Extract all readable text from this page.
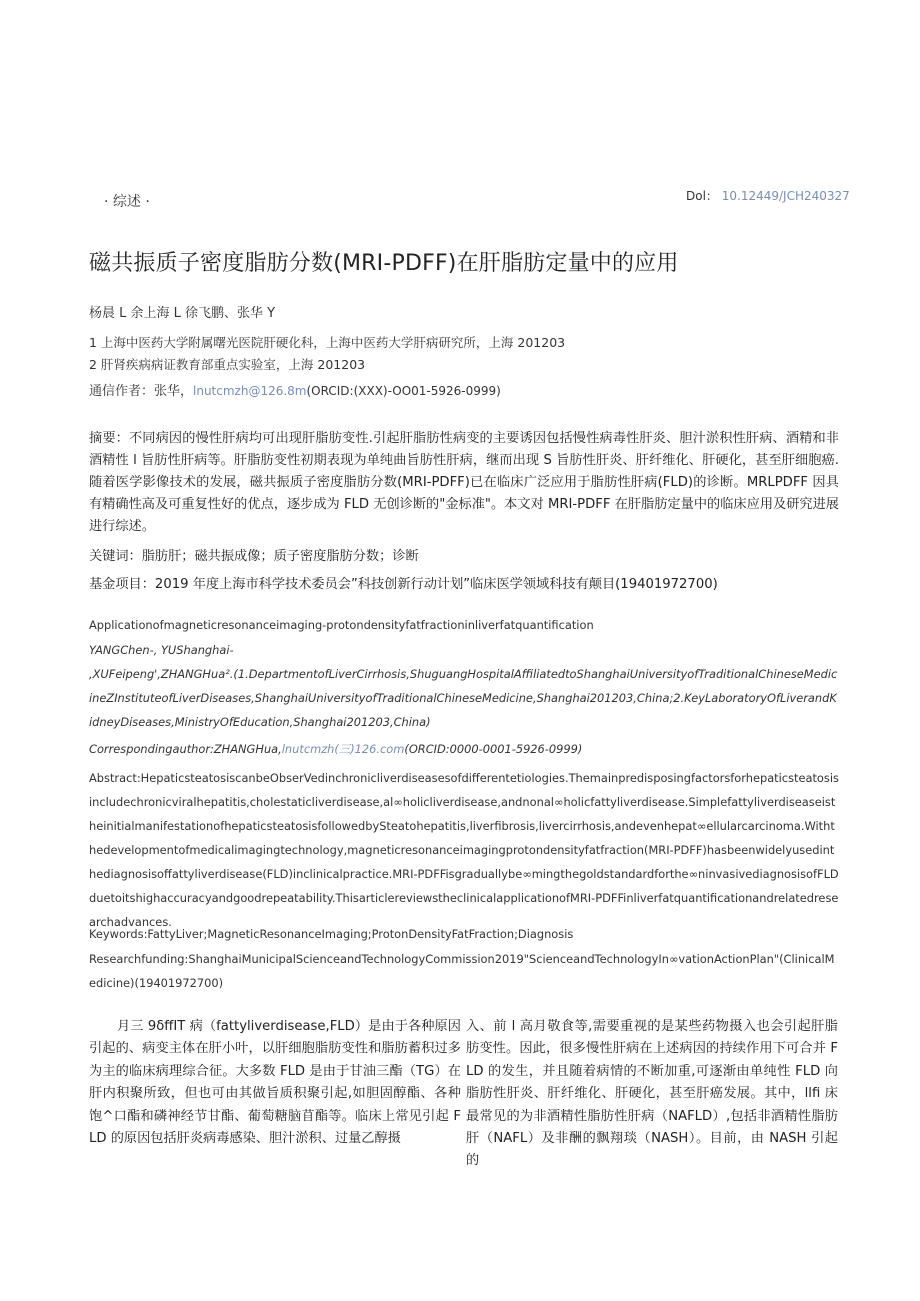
· 综述 ·	Dol： 10.12449/JCH240327
磁共振质子密度脂肪分数(MRI-PDFF)在肝脂肪定量中的应用
杨晨 L 余上海 L 徐飞鹏、张华 Y
1 上海中医药大学附属曙光医院肝硬化科，上海中医药大学肝病研究所，上海 201203
2 肝肾疾病病证教育部重点实验室，上海 201203
通信作者：张华，lnutcmzh@126.8m(ORCID:(XXX)-OO01-5926-0999)
摘要：不同病因的慢性肝病均可出现肝脂肪变性.引起肝脂肪性病变的主要诱因包括慢性病毒性肝炎、胆汁淤积性肝病、酒精和非酒精性 l 旨肪性肝病等。肝脂肪变性初期表现为单纯曲旨肪性肝病，继而出现 S 旨肪性肝炎、肝纤维化、肝硬化，甚至肝细胞癌.随着医学影像技术的发展，磁共振质子密度脂肪分数(MRI-PDFF)已在临床广泛应用于脂肪性肝病(FLD)的诊断。MRLPDFF 因具有精确性高及可重复性好的优点，逐步成为 FLD 无创诊断的"金标准"。本文对 MRI-PDFF 在肝脂肪定量中的临床应用及研究进展进行综述。
关键词：脂肪肝；磁共振成像；质子密度脂肪分数；诊断
基金项目：2019 年度上海市科学技术委员会”科技创新行动计划”临床医学领域科技有颠目(19401972700)
Applicationofmagneticresonanceimaging-protondensityfatfractioninliverfatquantification
YANGChen-, YUShanghai-
,XUFeipeng',ZHANGHua².(1.DepartmentofLiverCirrhosis,ShuguangHospitalAffiliatedtoShanghaiUniversityofTraditionalChineseMedicineZInstituteofLiverDiseases,ShanghaiUniversityofTraditionalChineseMedicine,Shanghai201203,China;2.KeyLaboratoryOfLiverandKidneyDiseases,MinistryOfEducation,Shanghai201203,China)
Correspondingauthor:ZHANGHua,lnutcmzh(三)126.com(ORCID:0000-0001-5926-0999)
Abstract:HepaticsteatosiscanbeObserVedinchronicliverdiseasesofdifferentetiologies.Themainpredisposingfactorsforhepaticsteatosisincludechronicviralhepatitis,cholestaticliverdisease,al∞holicliverdisease,andnonal∞holicfattyliverdisease.SimplefattyliverdiseaseistheinitialmanifestationofhepaticsteatosisfollowedbySteatohepatitis,liverfibrosis,livercirrhosis,andevenhepat∞ellularcarcinoma.Withthedevelopmentofmedicalimagingtechnology,magneticresonanceimagingprotondensityfatfraction(MRI-PDFF)hasbeenwidelyusedinthediagnosisoffattyliverdisease(FLD)inclinicalpractice.MRI-PDFFisgraduallybe∞mingthegoldstandardforthe∞ninvasivediagnosisofFLDduetoitshighaccuracyandgoodrepeatability.ThisarticlereviewstheclinicalapplicationofMRI-PDFFinliverfatquantificationandrelatedresearchadvances.
Keywords:FattyLiver;MagneticResonanceImaging;ProtonDensityFatFraction;Diagnosis
Researchfunding:ShanghaiMunicipalScienceandTechnologyCommission2019"ScienceandTechnologyIn∞vationActionPlan"(ClinicalMedicine)(19401972700)
月三 9δffIT 病（fattyliverdisease,FLD）是由于各种原因引起的、病变主体在肝小叶，以肝细胞脂肪变性和脂肪蓄积过多为主的临床病理综合征。大多数 FLD 是由于甘油三酯（TG）在肝内积聚所致，但也可由其做旨质积聚引起,如胆固醇酯、各种饱^口酯和磷神经节甘酯、葡萄糖脑苜酯等。临床上常见引起 FLD 的原因包括肝炎病毒感染、胆汁淤积、过量乙醇摄
入、前 l 高月敬食等,需要重视的是某些药物摄入也会引起肝脂肪变性。因此，很多慢性肝病在上述病因的持续作用下可合并 FLD 的发生，并且随着病情的不断加重,可逐渐由单纯性 FLD 向脂肪性肝炎、肝纤维化、肝硬化，甚至肝癌发展。其中，llfi 床最常见的为非酒精性脂肪性肝病（NAFLD）,包括非酒精性脂肪肝（NAFL）及非酬的飘翔琰（NASH）。目前，由 NASH 引起的
